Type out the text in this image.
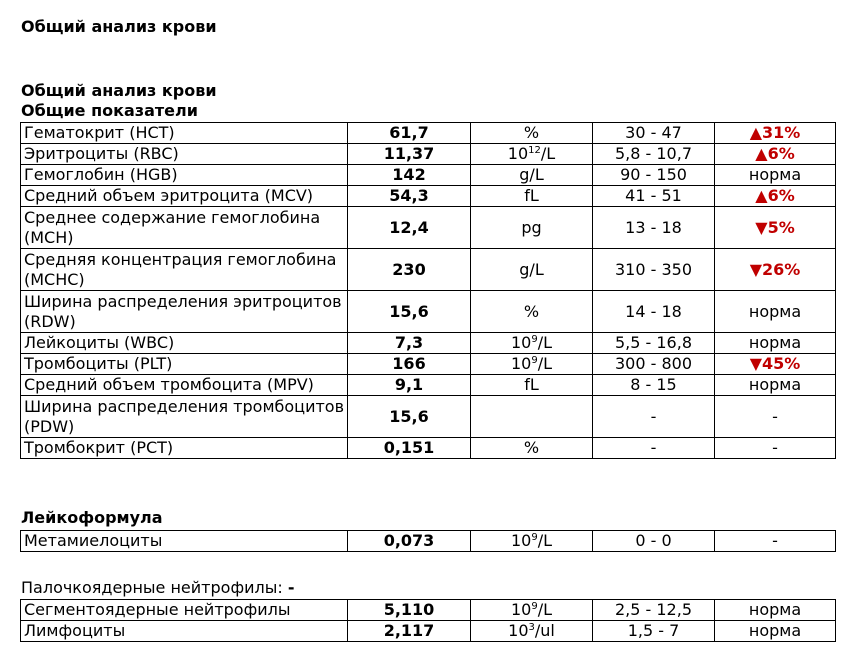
Общий анализ крови
Общий анализ крови
Общие показатели
Гематокрит (HCT)	61,7	%	30 - 47	▲31%
Эритроциты (RBC)	11,37	$10^{12}/L$	5,8 - 10,7	▲6%
Гемоглобин (HGB)	142	g/L	90 - 150	норма
Средний объем эритроцита (MCV)	54,3	fL	41 - 51	▲6%
Среднее содержание гемоглобина (MCH)	12,4	pg	13 - 18	▼5%
Средняя концентрация гемоглобина (MCHC)	230	g/L	310 - 350	▼26%
Ширина распределения эритроцитов (RDW)	15,6	%	14 - 18	норма
Лейкоциты (WBC)	7,3	$10^9/L$	5,5 - 16,8	норма
Тромбоциты (PLT)	166	$10^9/L$	300 - 800	▼45%
Средний объем тромбоцита (MPV)	9,1	fL	8 - 15	норма
Ширина распределения тромбоцитов (PDW)	15,6		-	-
Тромбокрит (PCT)	0,151	%	-	-
Лейкоформула
Метамиелоциты	0,073	$10^9/L$	0 - 0	-
Палочкоядерные нейтрофилы: -
Сегментоядерные нейтрофилы	5,110	$10^9/L$	2,5 - 12,5	норма
Лимфоциты	2,117	$10^3/ul$	1,5 - 7	норма
